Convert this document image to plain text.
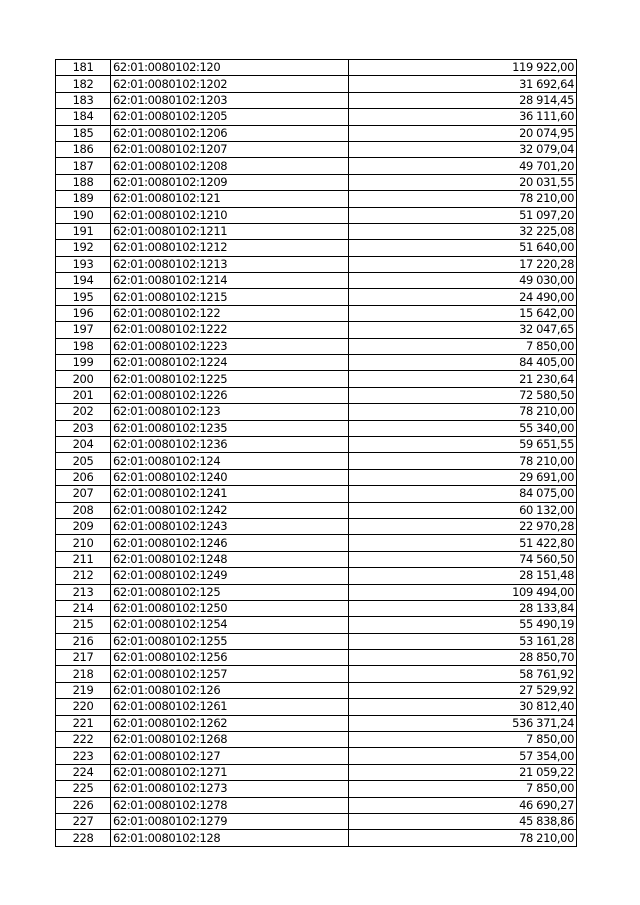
181	62:01:0080102:120	119 922,00
182	62:01:0080102:1202	31 692,64
183	62:01:0080102:1203	28 914,45
184	62:01:0080102:1205	36 111,60
185	62:01:0080102:1206	20 074,95
186	62:01:0080102:1207	32 079,04
187	62:01:0080102:1208	49 701,20
188	62:01:0080102:1209	20 031,55
189	62:01:0080102:121	78 210,00
190	62:01:0080102:1210	51 097,20
191	62:01:0080102:1211	32 225,08
192	62:01:0080102:1212	51 640,00
193	62:01:0080102:1213	17 220,28
194	62:01:0080102:1214	49 030,00
195	62:01:0080102:1215	24 490,00
196	62:01:0080102:122	15 642,00
197	62:01:0080102:1222	32 047,65
198	62:01:0080102:1223	7 850,00
199	62:01:0080102:1224	84 405,00
200	62:01:0080102:1225	21 230,64
201	62:01:0080102:1226	72 580,50
202	62:01:0080102:123	78 210,00
203	62:01:0080102:1235	55 340,00
204	62:01:0080102:1236	59 651,55
205	62:01:0080102:124	78 210,00
206	62:01:0080102:1240	29 691,00
207	62:01:0080102:1241	84 075,00
208	62:01:0080102:1242	60 132,00
209	62:01:0080102:1243	22 970,28
210	62:01:0080102:1246	51 422,80
211	62:01:0080102:1248	74 560,50
212	62:01:0080102:1249	28 151,48
213	62:01:0080102:125	109 494,00
214	62:01:0080102:1250	28 133,84
215	62:01:0080102:1254	55 490,19
216	62:01:0080102:1255	53 161,28
217	62:01:0080102:1256	28 850,70
218	62:01:0080102:1257	58 761,92
219	62:01:0080102:126	27 529,92
220	62:01:0080102:1261	30 812,40
221	62:01:0080102:1262	536 371,24
222	62:01:0080102:1268	7 850,00
223	62:01:0080102:127	57 354,00
224	62:01:0080102:1271	21 059,22
225	62:01:0080102:1273	7 850,00
226	62:01:0080102:1278	46 690,27
227	62:01:0080102:1279	45 838,86
228	62:01:0080102:128	78 210,00
